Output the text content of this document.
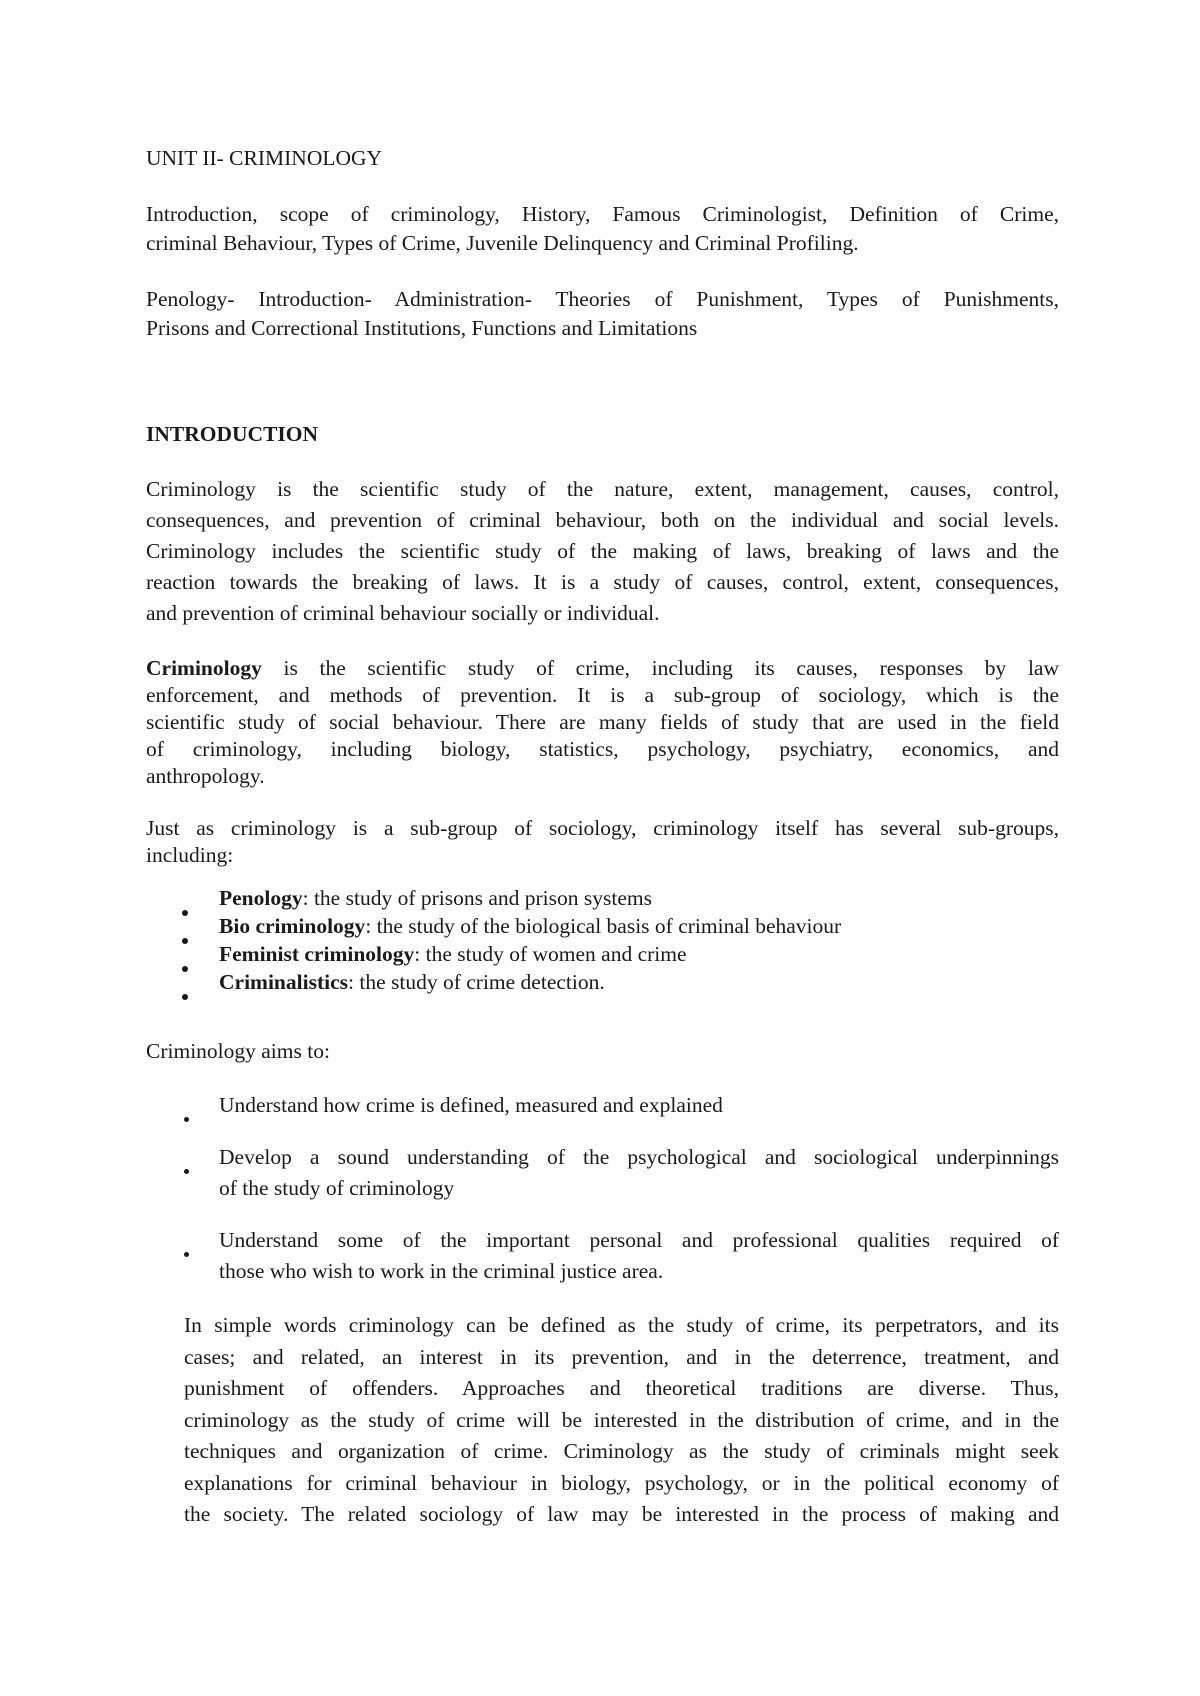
UNIT II- CRIMINOLOGY
Introduction, scope of criminology, History, Famous Criminologist, Definition of Crime,
criminal Behaviour, Types of Crime, Juvenile Delinquency and Criminal Profiling.
Penology- Introduction- Administration- Theories of Punishment, Types of Punishments,
Prisons and Correctional Institutions, Functions and Limitations
INTRODUCTION
Criminology is the scientific study of the nature, extent, management, causes, control,
consequences, and prevention of criminal behaviour, both on the individual and social levels.
Criminology includes the scientific study of the making of laws, breaking of laws and the
reaction towards the breaking of laws. It is a study of causes, control, extent, consequences,
and prevention of criminal behaviour socially or individual.
Criminology is the scientific study of crime, including its causes, responses by law
enforcement, and methods of prevention. It is a sub-group of sociology, which is the
scientific study of social behaviour. There are many fields of study that are used in the field
of criminology, including biology, statistics, psychology, psychiatry, economics, and
anthropology.
Just as criminology is a sub-group of sociology, criminology itself has several sub-groups,
including:
Penology: the study of prisons and prison systems
Bio criminology: the study of the biological basis of criminal behaviour
Feminist criminology: the study of women and crime
Criminalistics: the study of crime detection.
Criminology aims to:
Understand how crime is defined, measured and explained
Develop a sound understanding of the psychological and sociological underpinnings
of the study of criminology
Understand some of the important personal and professional qualities required of
those who wish to work in the criminal justice area.
In simple words criminology can be defined as the study of crime, its perpetrators, and its
cases; and related, an interest in its prevention, and in the deterrence, treatment, and
punishment of offenders. Approaches and theoretical traditions are diverse. Thus,
criminology as the study of crime will be interested in the distribution of crime, and in the
techniques and organization of crime. Criminology as the study of criminals might seek
explanations for criminal behaviour in biology, psychology, or in the political economy of
the society. The related sociology of law may be interested in the process of making and
